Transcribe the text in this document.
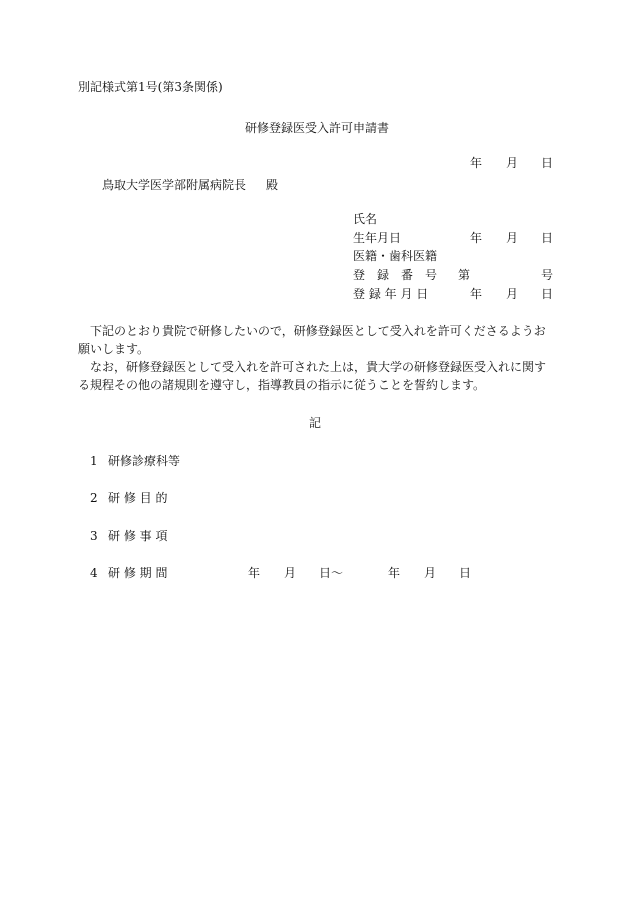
別記様式第1号(第3条関係)
研修登録医受入許可申請書
年 月 日
鳥取大学医学部附属病院長 殿
氏名
生年月日	年 月 日
医籍・歯科医籍
登　録　番　号 第	号
登 録 年 月 日	年 月 日
　下記のとおり貴院で研修したいので，研修登録医として受入れを許可くださるようお願いします。
　なお，研修登録医として受入れを許可された上は，貴大学の研修登録医受入れに関する規程その他の諸規則を遵守し，指導教員の指示に従うことを誓約します。
記
1 研修診療科等
2 研 修 目 的
3 研 修 事 項
4 研 修 期 間	年 月 日～	年 月 日
